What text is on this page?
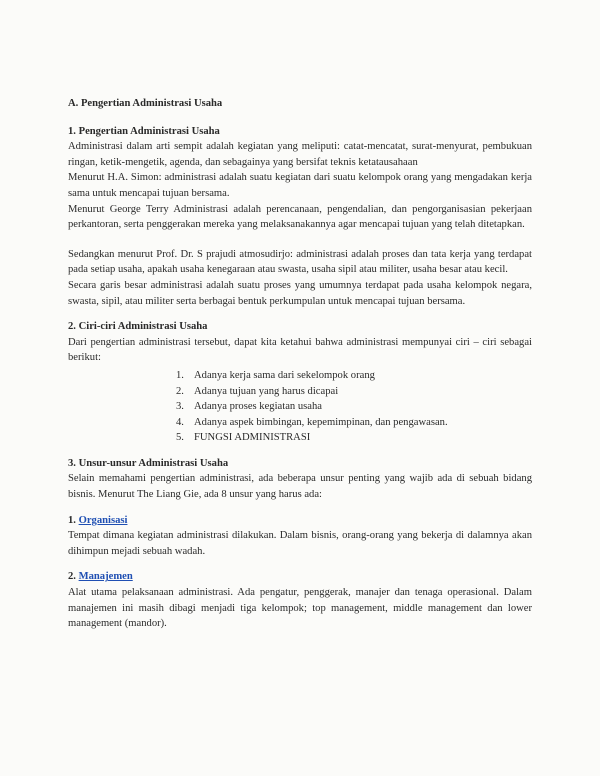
A. Pengertian Administrasi Usaha
1. Pengertian Administrasi Usaha

Administrasi dalam arti sempit adalah kegiatan yang meliputi: catat-mencatat, surat-menyurat, pembukuan ringan, ketik-mengetik, agenda, dan sebagainya yang bersifat teknis ketatausahaan

Menurut H.A. Simon: administrasi adalah suatu kegiatan dari suatu kelompok orang yang mengadakan kerja sama untuk mencapai tujuan bersama.

Menurut George Terry Administrasi adalah perencanaan, pengendalian, dan pengorganisasian pekerjaan perkantoran, serta penggerakan mereka yang melaksanakannya agar mencapai tujuan yang telah ditetapkan.

Sedangkan menurut Prof. Dr. S prajudi atmosudirjo: administrasi adalah proses dan tata kerja yang terdapat pada setiap usaha, apakah usaha kenegaraan atau swasta, usaha sipil atau militer, usaha besar atau kecil.

Secara garis besar administrasi adalah suatu proses yang umumnya terdapat pada usaha kelompok negara, swasta, sipil, atau militer serta berbagai bentuk perkumpulan untuk mencapai tujuan bersama.

2. Ciri-ciri Administrasi Usaha

Dari pengertian administrasi tersebut, dapat kita ketahui bahwa administrasi mempunyai ciri – ciri sebagai berikut:

1. Adanya kerja sama dari sekelompok orang
2. Adanya tujuan yang harus dicapai
3. Adanya proses kegiatan usaha
4. Adanya aspek bimbingan, kepemimpinan, dan pengawasan.
5. FUNGSI ADMINISTRASI
3. Unsur-unsur Administrasi Usaha

Selain memahami pengertian administrasi, ada beberapa unsur penting yang wajib ada di sebuah bidang bisnis. Menurut The Liang Gie, ada 8 unsur yang harus ada:

1. Organisasi

Tempat dimana kegiatan administrasi dilakukan. Dalam bisnis, orang-orang yang bekerja di dalamnya akan dihimpun mejadi sebuah wadah.

2. Manajemen

Alat utama pelaksanaan administrasi. Ada pengatur, penggerak, manajer dan tenaga operasional. Dalam manajemen ini masih dibagi menjadi tiga kelompok; top management, middle management dan lower management (mandor).
